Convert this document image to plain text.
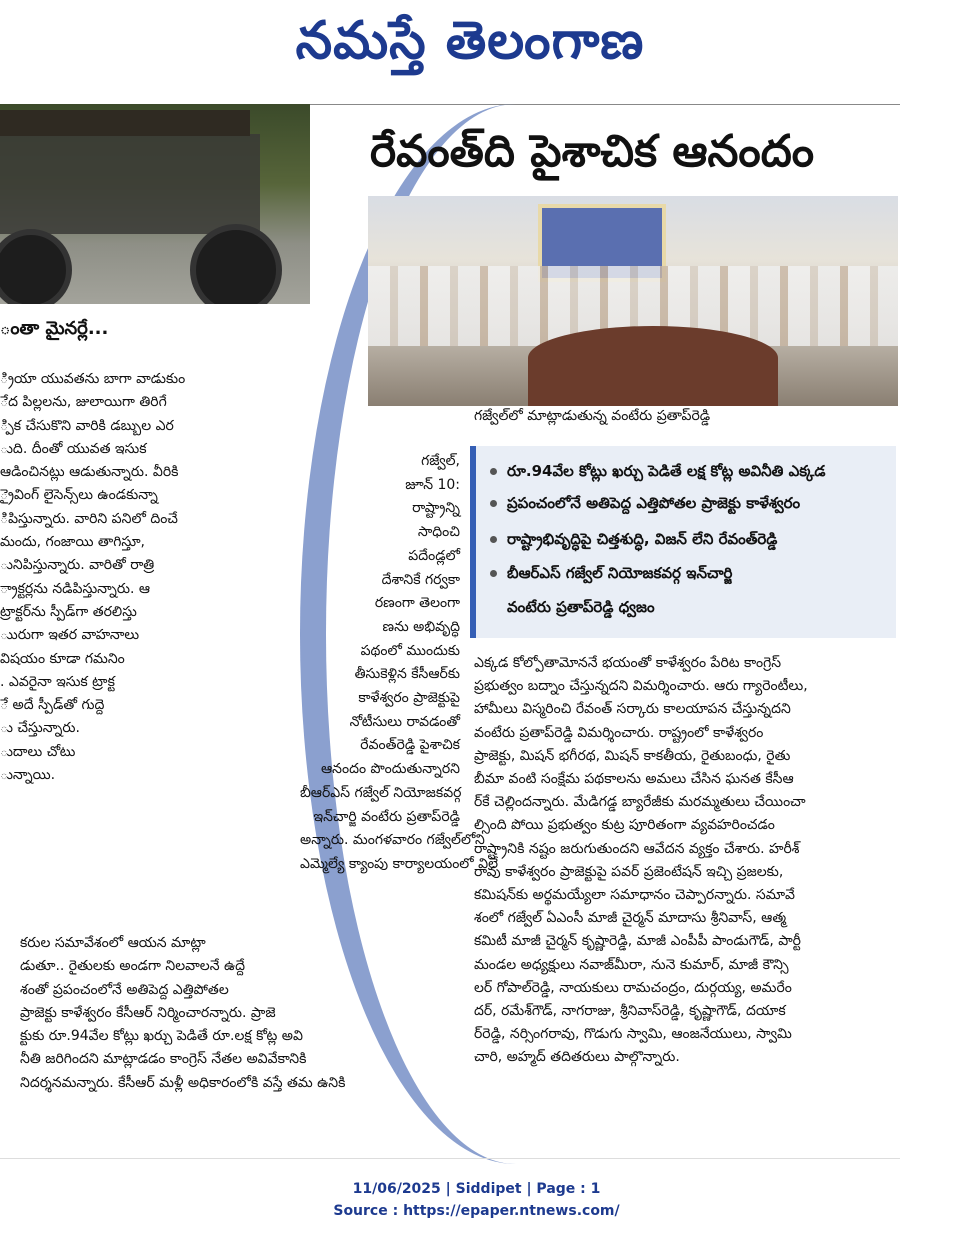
నమస్తే తెలంగాణ
ంతా మైనర్లే...
్రియా యువతను బాగా వాడుకుం
ేద పిల్లలను, జులాయిగా తిరిగే
్పిక చేసుకొని వారికి డబ్బుల ఎర
ుది. దీంతో యువత ఇసుక
ఆడించినట్లు ఆడుతున్నారు. వీరికి
్రైవింగ్ లైసెన్స్‌లు ఉండకున్నా
ిపిస్తున్నారు. వారిని పనిలో దించే
మందు, గంజాయి తాగిస్తూ,
ునిపిస్తున్నారు. వారితో రాత్రి
్రాక్టర్లను నడిపిస్తున్నారు. ఆ
ట్రాక్టర్‌ను స్పీడ్‌గా తరలిస్తు
ుురుగా ఇతర వాహనాలు
విషయం కూడా గమనిం
. ఎవరైనా ఇసుక ట్రాక్ట
ే అదే స్పీడ్‌తో గుద్దె
ు చేస్తున్నారు.
ుదాలు చోటు
ున్నాయి.
రేవంత్‌ది పైశాచిక ఆనందం
గజ్వేల్‌లో మాట్లాడుతున్న వంటేరు ప్రతాప్‌రెడ్డి
రూ.94వేల కోట్లు ఖర్చు పెడితే లక్ష కోట్ల అవినీతి ఎక్కడ
ప్రపంచంలోనే అతిపెద్ద ఎత్తిపోతల ప్రాజెక్టు కాళేశ్వరం
రాష్ట్రాభివృద్ధిపై చిత్తశుద్ధి, విజన్ లేని రేవంత్‌రెడ్డి
బీఆర్ఎస్ గజ్వేల్ నియోజకవర్గ ఇన్‌చార్జి
వంటేరు ప్రతాప్‌రెడ్డి ధ్వజం
గజ్వేల్,
జూన్ 10:
రాష్ట్రాన్ని
సాధించి
పదేండ్లలో
దేశానికే గర్వకా
రణంగా తెలంగా
ణను అభివృద్ధి
పథంలో ముందుకు
తీసుకెళ్లిన కేసీఆర్‌కు
కాళేశ్వరం ప్రాజెక్టుపై
నోటీసులు రావడంతో
రేవంత్‌రెడ్డి పైశాచిక
ఆనందం పొందుతున్నారని
బీఆర్ఎస్ గజ్వేల్ నియోజకవర్గ
ఇన్‌చార్జి వంటేరు ప్రతాప్‌రెడ్డి
అన్నారు. మంగళవారం గజ్వేల్‌లోని
ఎమ్మెల్యే క్యాంపు కార్యాలయంలో విలే
కరుల సమావేశంలో ఆయన మాట్లా
డుతూ.. రైతులకు అండగా నిలవాలనే ఉద్దే
శంతో ప్రపంచంలోనే అతిపెద్ద ఎత్తిపోతల
ప్రాజెక్టు కాళేశ్వరం కేసీఆర్ నిర్మించారన్నారు. ప్రాజె
క్టుకు రూ.94వేల కోట్లు ఖర్చు పెడితే రూ.లక్ష కోట్ల అవి
నీతి జరిగిందని మాట్లాడడం కాంగ్రెస్ నేతల అవివేకానికి
నిదర్శనమన్నారు. కేసీఆర్ మళ్లీ అధికారంలోకి వస్తే తమ ఉనికి
ఎక్కడ కోల్పోతామోననే భయంతో కాళేశ్వరం పేరిట కాంగ్రెస్
ప్రభుత్వం బద్నాం చేస్తున్నదని విమర్శించారు. ఆరు గ్యారెంటీలు,
హామీలు విస్మరించి రేవంత్ సర్కారు కాలయాపన చేస్తున్నదని
వంటేరు ప్రతాప్‌రెడ్డి విమర్శించారు. రాష్ట్రంలో కాళేశ్వరం
ప్రాజెక్టు, మిషన్ భగీరథ, మిషన్ కాకతీయ, రైతుబంధు, రైతు
బీమా వంటి సంక్షేమ పథకాలను అమలు చేసిన ఘనత కేసీఆ
ర్‌కే చెల్లిందన్నారు. మేడిగడ్డ బ్యారేజీకు మరమ్మతులు చేయించా
ల్సింది పోయి ప్రభుత్వం కుట్ర పూరితంగా వ్యవహరించడం
రాష్ట్రానికి నష్టం జరుగుతుందని ఆవేదన వ్యక్తం చేశారు. హరీశ్
రావు కాళేశ్వరం ప్రాజెక్టుపై పవర్ ప్రజెంటేషన్ ఇచ్చి ప్రజలకు,
కమిషన్‌కు అర్థమయ్యేలా సమాధానం చెప్పారన్నారు. సమావే
శంలో గజ్వేల్ ఏఎంసీ మాజీ చైర్మన్ మాదాసు శ్రీనివాస్, ఆత్మ
కమిటీ మాజీ చైర్మన్ కృష్ణారెడ్డి, మాజీ ఎంపీపీ పాండుగౌడ్, పార్టీ
మండల అధ్యక్షులు నవాజ్‌మీరా, నునె కుమార్, మాజీ కౌన్సి
లర్ గోపాల్‌రెడ్డి, నాయకులు రామచంద్రం, దుర్గయ్య, అమరేం
దర్, రమేశ్‌గౌడ్, నాగరాజు, శ్రీనివాస్‌రెడ్డి, కృష్ణాగౌడ్, దయాక
ర్‌రెడ్డి, నర్సింగరావు, గొడుగు స్వామి, ఆంజనేయులు, స్వామి
చారి, అహ్మద్ తదితరులు పాల్గొన్నారు.
11/06/2025 | Siddipet | Page : 1
Source : https://epaper.ntnews.com/
